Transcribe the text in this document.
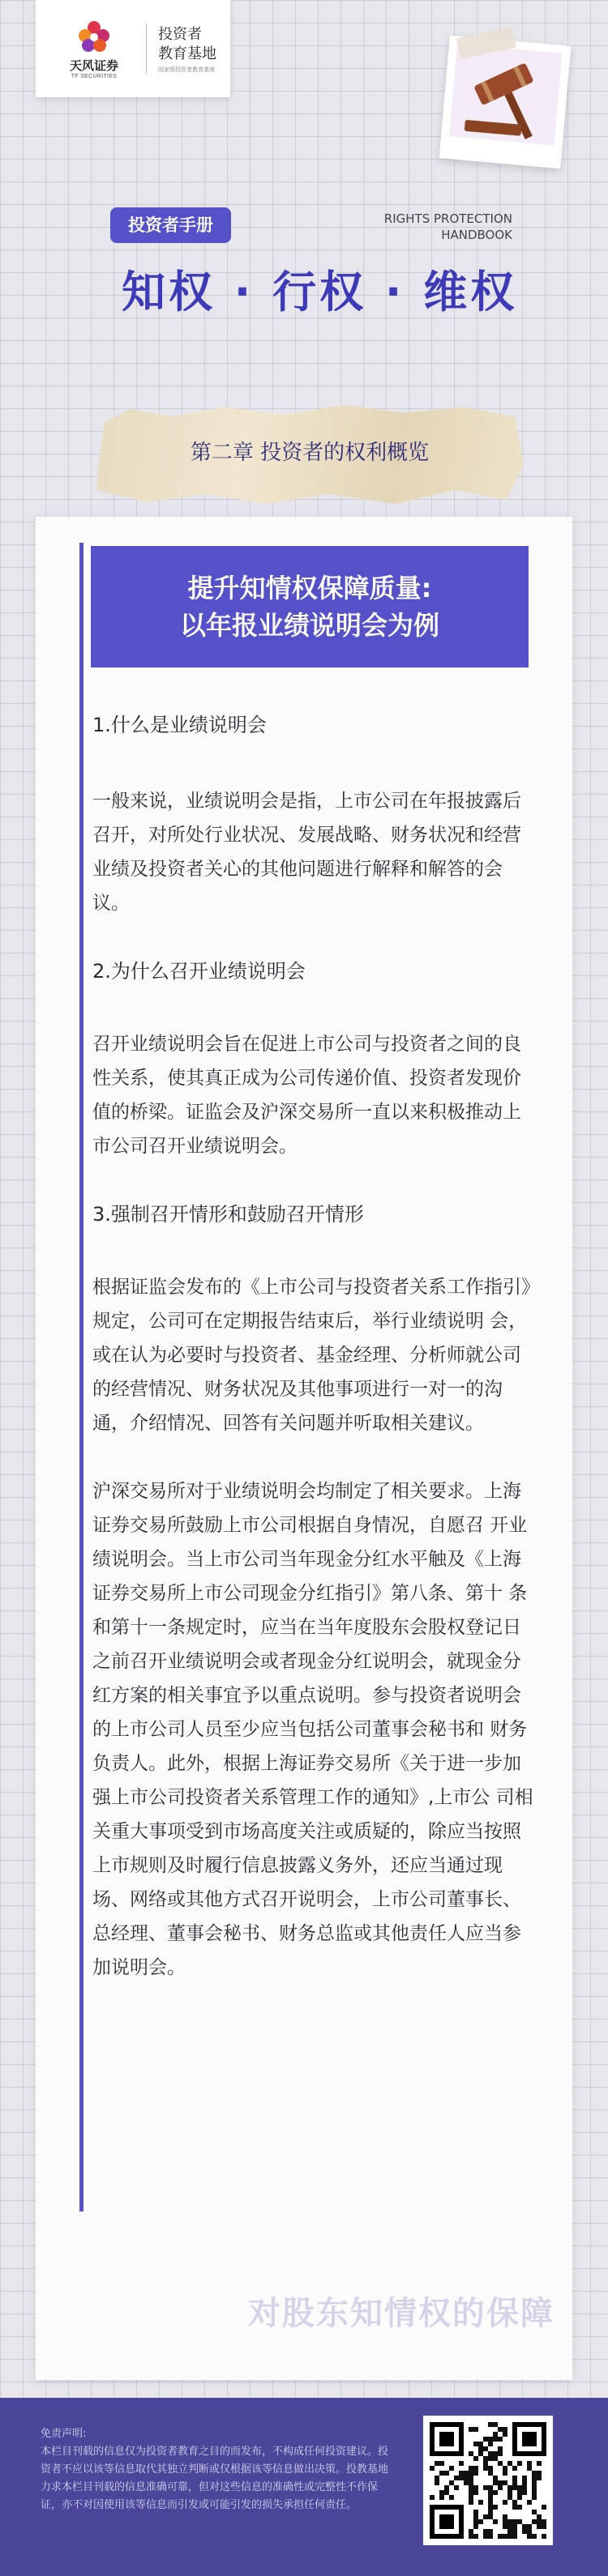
天风证券
TF SECURITIES
投资者
教育基地
国家级投资者教育基地
投资者手册	RIGHTS PROTECTION
HANDBOOK
知权 · 行权 · 维权
第二章 投资者的权利概览
提升知情权保障质量:
以年报业绩说明会为例
1.什么是业绩说明会

一般来说，业绩说明会是指，上市公司在年报披露后召开，对所处行业状况、发展战略、财务状况和经营业绩及投资者关心的其他问题进行解释和解答的会议。

2.为什么召开业绩说明会

召开业绩说明会旨在促进上市公司与投资者之间的良性关系，使其真正成为公司传递价值、投资者发现价值的桥梁。证监会及沪深交易所一直以来积极推动上市公司召开业绩说明会。

3.强制召开情形和鼓励召开情形

根据证监会发布的《上市公司与投资者关系工作指引》规定，公司可在定期报告结束后，举行业绩说明 会，或在认为必要时与投资者、基金经理、分析师就公司的经营情况、财务状况及其他事项进行一对一的沟通，介绍情况、回答有关问题并听取相关建议。

沪深交易所对于业绩说明会均制定了相关要求。上海证券交易所鼓励上市公司根据自身情况，自愿召 开业绩说明会。当上市公司当年现金分红水平触及《上海证券交易所上市公司现金分红指引》第八条、第十 条和第十一条规定时，应当在当年度股东会股权登记日之前召开业绩说明会或者现金分红说明会，就现金分红方案的相关事宜予以重点说明。参与投资者说明会的上市公司人员至少应当包括公司董事会秘书和 财务负责人。此外，根据上海证券交易所《关于进一步加强上市公司投资者关系管理工作的通知》,上市公 司相关重大事项受到市场高度关注或质疑的，除应当按照上市规则及时履行信息披露义务外，还应当通过现场、网络或其他方式召开说明会，上市公司董事长、总经理、董事会秘书、财务总监或其他责任人应当参加说明会。

对股东知情权的保障
免责声明:
本栏目刊载的信息仅为投资者教育之目的而发布，不构成任何投资建议。投资者不应以该等信息取代其独立判断或仅根据该等信息做出决策。投教基地力求本栏目刊载的信息准确可靠，但对这些信息的准确性或完整性不作保证，亦不对因使用该等信息而引发或可能引发的损失承担任何责任。
